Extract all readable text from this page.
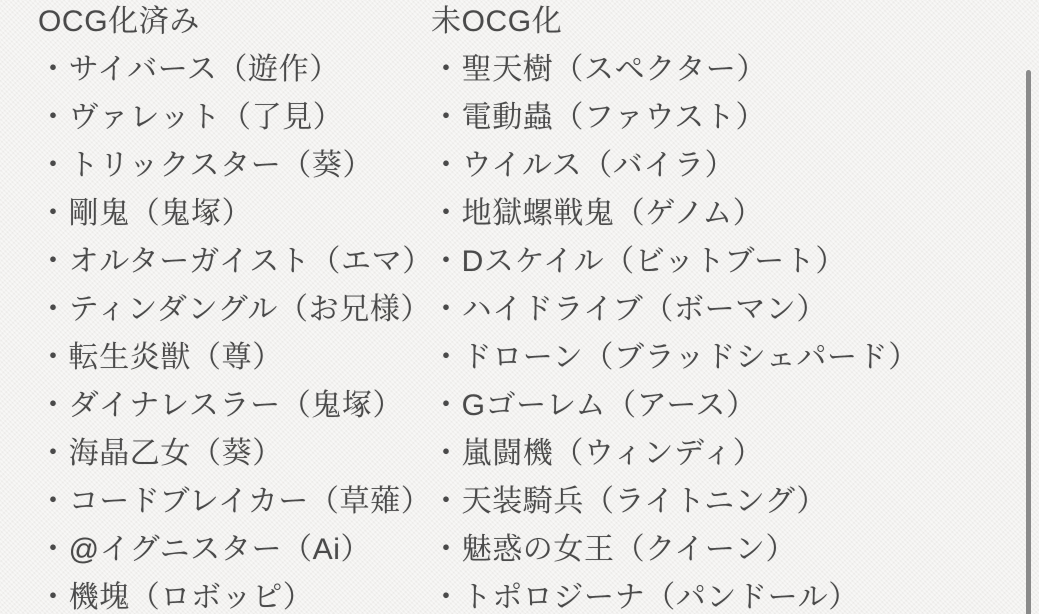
OCG化済み
・サイバース（遊作）
・ヴァレット（了見）
・トリックスター（葵）
・剛鬼（鬼塚）
・オルターガイスト（エマ）
・ティンダングル（お兄様）
・転生炎獣（尊）
・ダイナレスラー（鬼塚）
・海晶乙女（葵）
・コードブレイカー（草薙）
・@イグニスター（Ai）
・機塊（ロボッピ）
未OCG化
・聖天樹（スペクター）
・電動蟲（ファウスト）
・ウイルス（バイラ）
・地獄螺戦鬼（ゲノム）
・Dスケイル（ビットブート）
・ハイドライブ（ボーマン）
・ドローン（ブラッドシェパード）
・Gゴーレム（アース）
・嵐闘機（ウィンディ）
・天装騎兵（ライトニング）
・魅惑の女王（クイーン）
・トポロジーナ（パンドール）
